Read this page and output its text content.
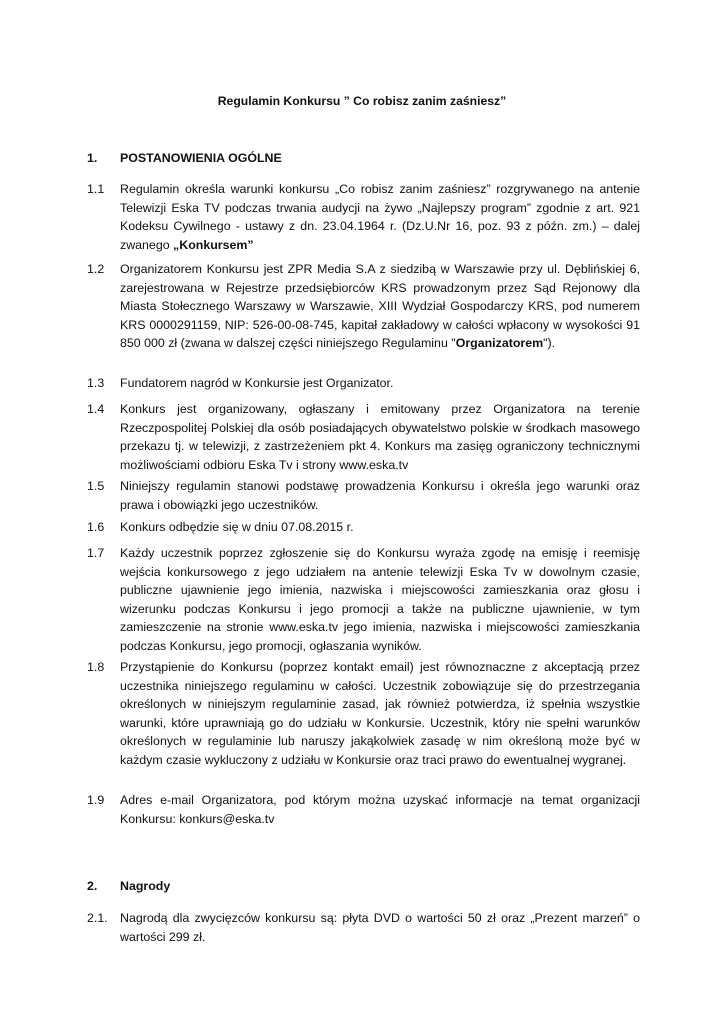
Regulamin Konkursu ” Co robisz zanim zaśniesz”
1. POSTANOWIENIA OGÓLNE
1.1 Regulamin określa warunki konkursu „Co robisz zanim zaśniesz” rozgrywanego na antenie Telewizji Eska TV podczas trwania audycji na żywo „Najlepszy program” zgodnie z art. 921 Kodeksu Cywilnego - ustawy z dn. 23.04.1964 r. (Dz.U.Nr 16, poz. 93 z późn. zm.) – dalej zwanego „Konkursem”
1.2 Organizatorem Konkursu jest ZPR Media S.A z siedzibą w Warszawie przy ul. Dęblińskiej 6, zarejestrowana w Rejestrze przedsiębiorców KRS prowadzonym przez Sąd Rejonowy dla Miasta Stołecznego Warszawy w Warszawie, XIII Wydział Gospodarczy KRS, pod numerem KRS 0000291159, NIP: 526-00-08-745, kapitał zakładowy w całości wpłacony w wysokości 91 850 000 zł (zwana w dalszej części niniejszego Regulaminu "Organizatorem").
1.3 Fundatorem nagród w Konkursie jest Organizator.
1.4 Konkurs jest organizowany, ogłaszany i emitowany przez Organizatora na terenie Rzeczpospolitej Polskiej dla osób posiadających obywatelstwo polskie w środkach masowego przekazu tj. w telewizji, z zastrzeżeniem pkt 4. Konkurs ma zasięg ograniczony technicznymi możliwościami odbioru Eska Tv i strony www.eska.tv
1.5 Niniejszy regulamin stanowi podstawę prowadzenia Konkursu i określa jego warunki oraz prawa i obowiązki jego uczestników.
1.6 Konkurs odbędzie się w dniu 07.08.2015 r.
1.7 Każdy uczestnik poprzez zgłoszenie się do Konkursu wyraża zgodę na emisję i reemisję wejścia konkursowego z jego udziałem na antenie telewizji Eska Tv w dowolnym czasie, publiczne ujawnienie jego imienia, nazwiska i miejscowości zamieszkania oraz głosu i wizerunku podczas Konkursu i jego promocji a także na publiczne ujawnienie, w tym zamieszczenie na stronie www.eska.tv jego imienia, nazwiska i miejscowości zamieszkania podczas Konkursu, jego promocji, ogłaszania wyników.
1.8 Przystąpienie do Konkursu (poprzez kontakt email) jest równoznaczne z akceptacją przez uczestnika niniejszego regulaminu w całości. Uczestnik zobowiązuje się do przestrzegania określonych w niniejszym regulaminie zasad, jak również potwierdza, iż spełnia wszystkie warunki, które uprawniają go do udziału w Konkursie. Uczestnik, który nie spełni warunków określonych w regulaminie lub naruszy jakąkolwiek zasadę w nim określoną może być w każdym czasie wykluczony z udziału w Konkursie oraz traci prawo do ewentualnej wygranej.
1.9 Adres e-mail Organizatora, pod którym można uzyskać informacje na temat organizacji Konkursu: konkurs@eska.tv
2. Nagrody
2.1. Nagrodą dla zwycięzców konkursu są: płyta DVD o wartości 50 zł oraz „Prezent marzeń” o wartości 299 zł.
